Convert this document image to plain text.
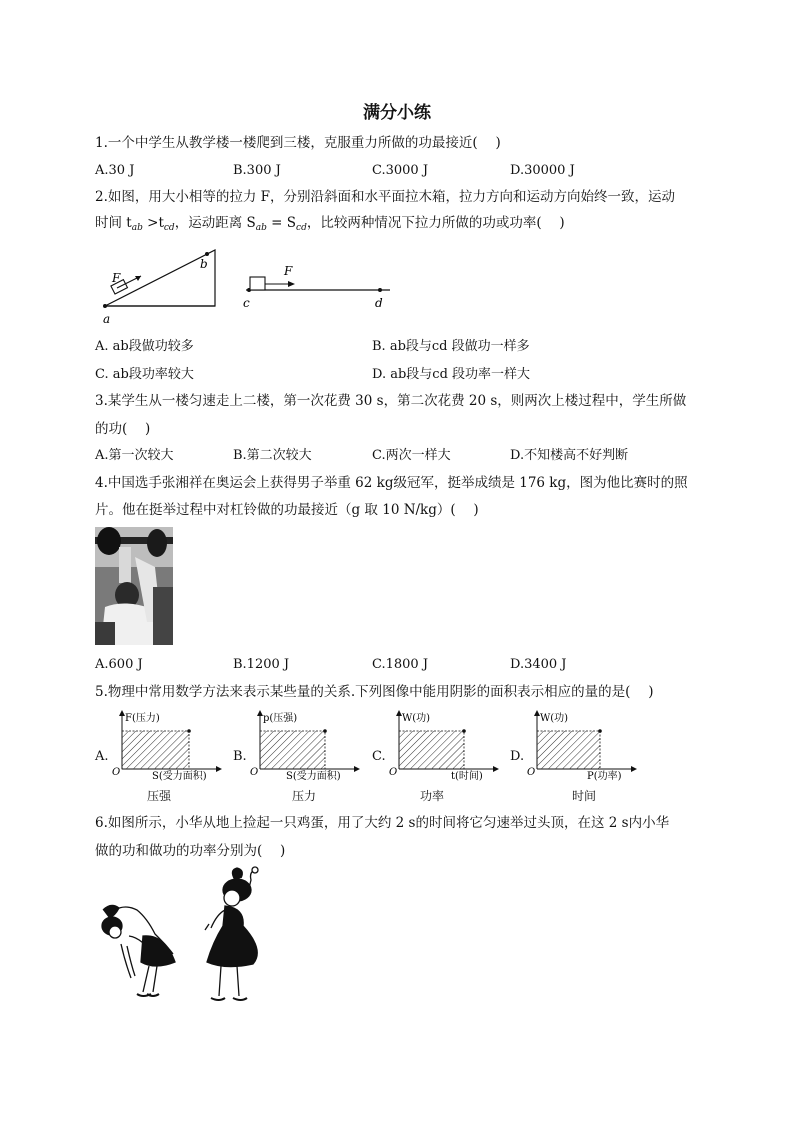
满分小练
1.一个中学生从教学楼一楼爬到三楼，克服重力所做的功最接近(　 )
A.30 J	B.300 J	C.3000 J	D.30000 J
2.如图，用大小相等的拉力 F，分别沿斜面和水平面拉木箱，拉力方向和运动方向始终一致，运动
时间 $t_{ab} >t_{cd}$，运动距离 $S_{ab} = S_{cd}$，比较两种情况下拉力所做的功或功率(　 )
F
a
b	F
c	d
A. ab段做功较多	B. ab段与cd 段做功一样多
C. ab段功率较大	D. ab段与cd 段功率一样大
3.某学生从一楼匀速走上二楼，第一次花费 30 s，第二次花费 20 s，则两次上楼过程中，学生所做
的功(　 )
A.第一次较大	B.第二次较大	C.两次一样大	D.不知楼高不好判断
4.中国选手张湘祥在奥运会上获得男子举重 62 kg级冠军，挺举成绩是 176 kg，图为他比赛时的照
片。他在挺举过程中对杠铃做的功最接近（g 取 10 N/kg）(　 )
A.600 J	B.1200 J	C.1800 J	D.3400 J
5.物理中常用数学方法来表示某些量的关系.下列图像中能用阴影的面积表示相应的量的是(　 )
A.
F(压力)
O	S(受力面积)
压强
B.
p(压强)
O	S(受力面积)
压力
C.
W(功)
O	t(时间)
功率
D.
W(功)
O	P(功率)
时间
6.如图所示，小华从地上捡起一只鸡蛋，用了大约 2 s的时间将它匀速举过头顶，在这 2 s内小华
做的功和做功的功率分别为(　 )
